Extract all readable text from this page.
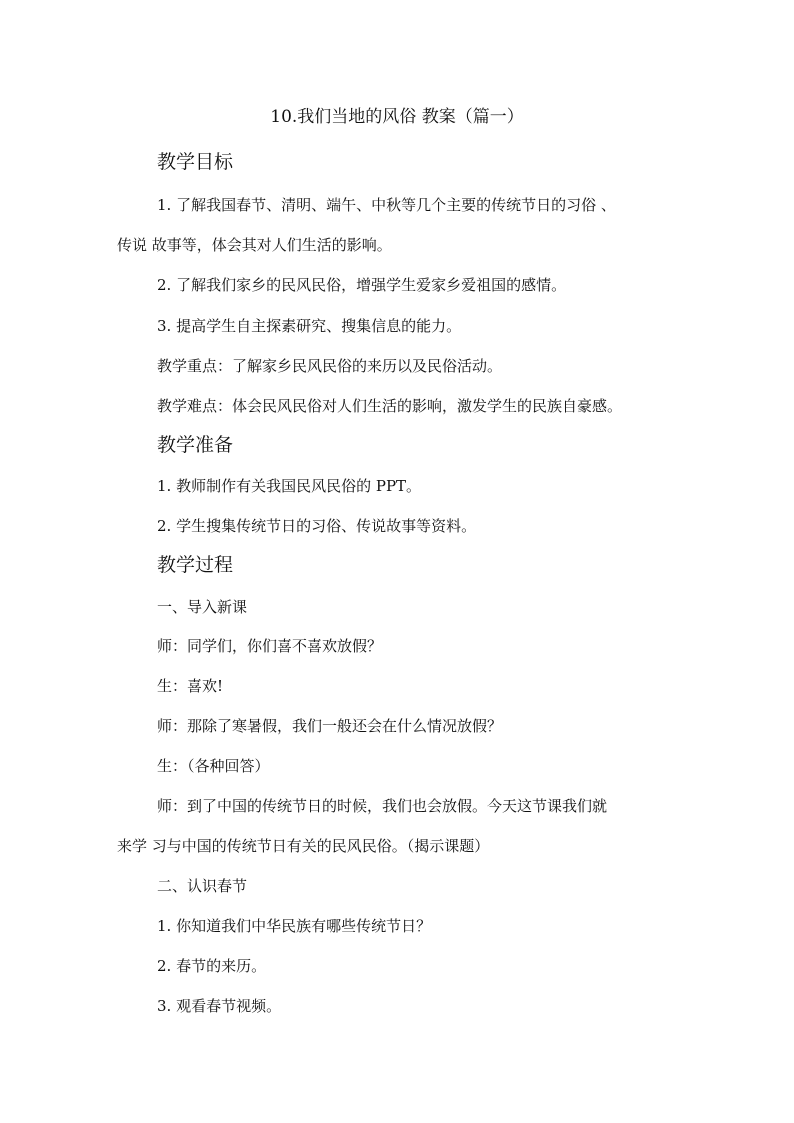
10.我们当地的风俗 教案（篇一）
教学目标
1. 了解我国春节、清明、端午、中秋等几个主要的传统节日的习俗 、
传说 故事等，体会其对人们生活的影响。
2. 了解我们家乡的民风民俗，增强学生爱家乡爱祖国的感情。
3. 提高学生自主探素研究、搜集信息的能力。
教学重点：了解家乡民风民俗的来历以及民俗活动。
教学难点：体会民风民俗对人们生活的影响，激发学生的民族自豪感。
教学准备
1. 教师制作有关我国民风民俗的 PPT。
2. 学生搜集传统节日的习俗、传说故事等资料。
教学过程
一、导入新课
师：同学们，你们喜不喜欢放假？
生：喜欢!
师：那除了寒暑假，我们一般还会在什么情况放假？
生：（各种回答）
师：到了中国的传统节日的时候，我们也会放假。今天这节课我们就
来学 习与中国的传统节日有关的民风民俗。（揭示课题）
二、认识春节
1. 你知道我们中华民族有哪些传统节日？
2. 春节的来历。
3. 观看春节视频。
